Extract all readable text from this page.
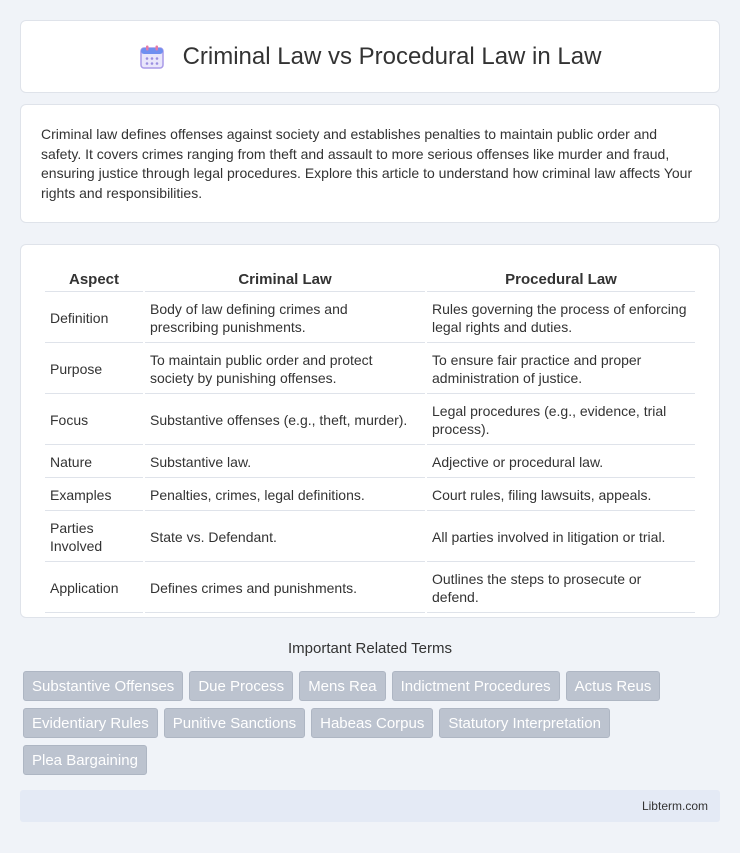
Criminal Law vs Procedural Law in Law

Criminal law defines offenses against society and establishes penalties to maintain public order and safety. It covers crimes ranging from theft and assault to more serious offenses like murder and fraud, ensuring justice through legal procedures. Explore this article to understand how criminal law affects Your rights and responsibilities.

Aspect	Criminal Law	Procedural Law
Definition	Body of law defining crimes and prescribing punishments.	Rules governing the process of enforcing legal rights and duties.
Purpose	To maintain public order and protect society by punishing offenses.	To ensure fair practice and proper administration of justice.
Focus	Substantive offenses (e.g., theft, murder).	Legal procedures (e.g., evidence, trial process).
Nature	Substantive law.	Adjective or procedural law.
Examples	Penalties, crimes, legal definitions.	Court rules, filing lawsuits, appeals.
Parties Involved	State vs. Defendant.	All parties involved in litigation or trial.
Application	Defines crimes and punishments.	Outlines the steps to prosecute or defend.
Important Related Terms
Substantive Offenses	Due Process	Mens Rea	Indictment Procedures	Actus Reus
Evidentiary Rules	Punitive Sanctions	Habeas Corpus	Statutory Interpretation
Plea Bargaining
Libterm.com
